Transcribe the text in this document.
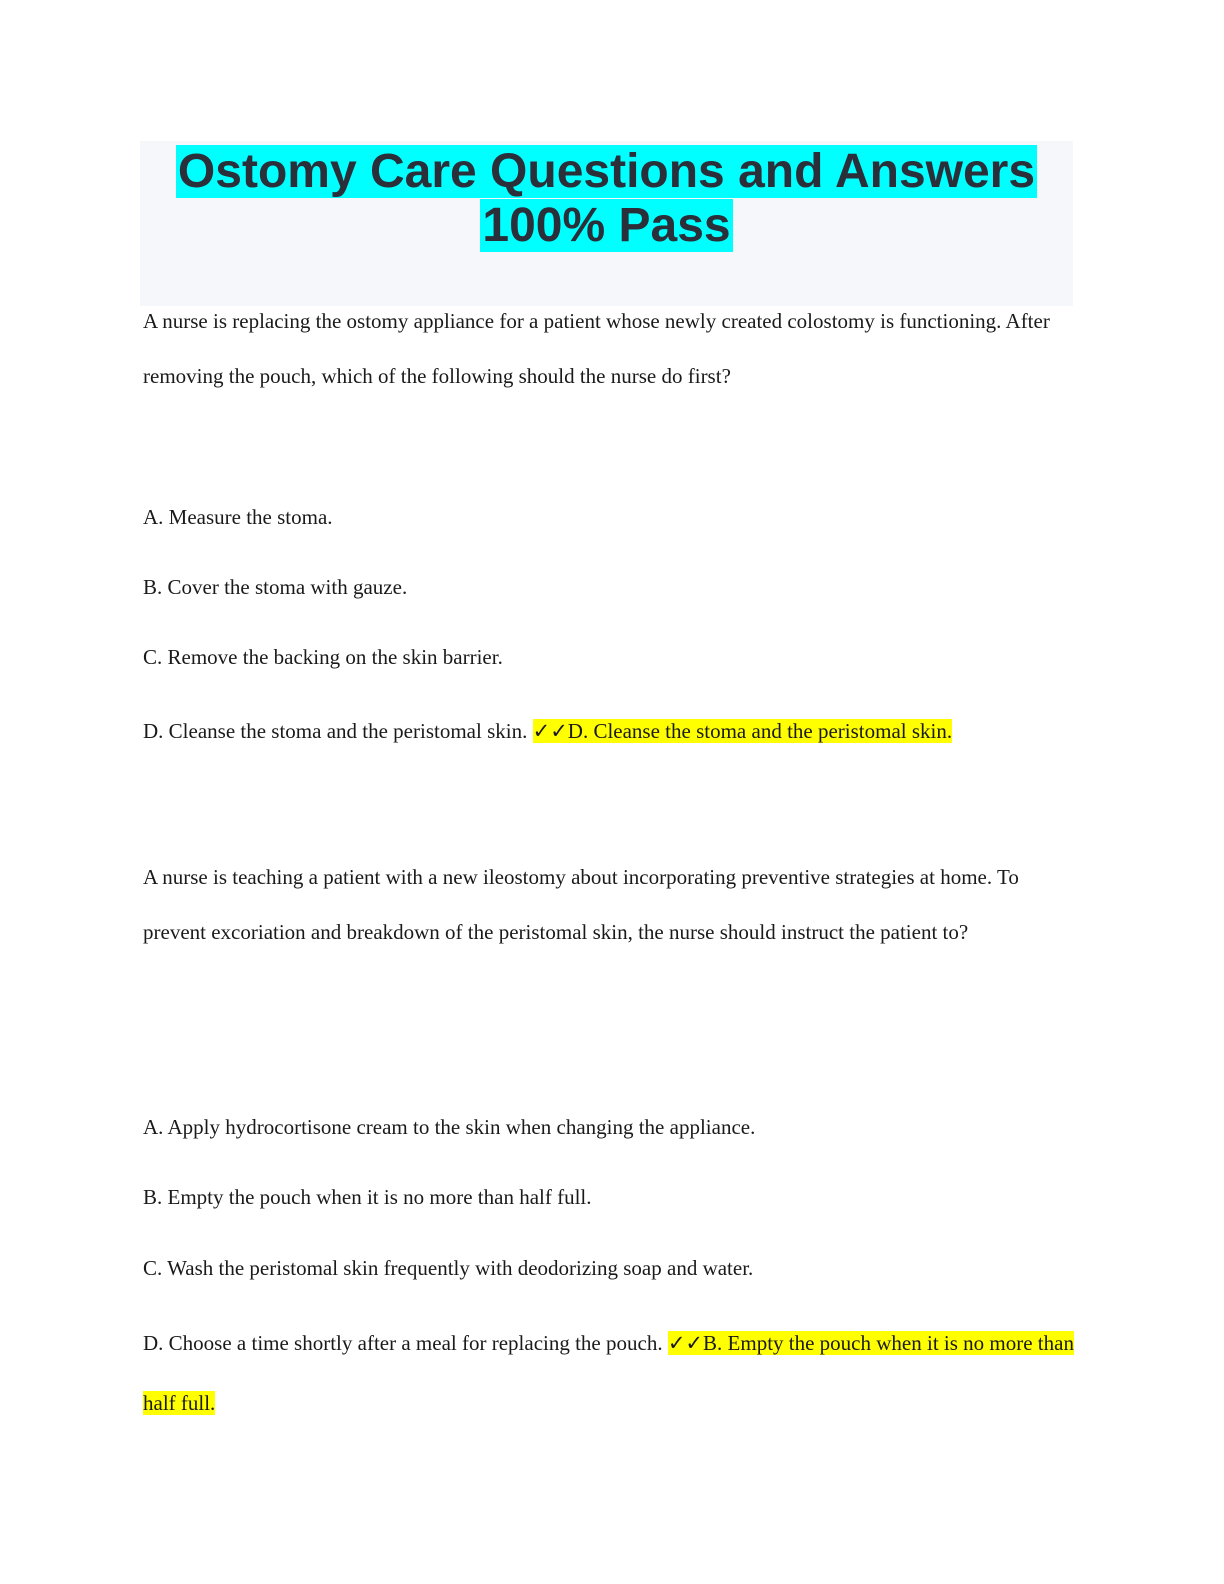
Ostomy Care Questions and Answers
100% Pass

A nurse is replacing the ostomy appliance for a patient whose newly created colostomy is functioning. After removing the pouch, which of the following should the nurse do first?

A. Measure the stoma.

B. Cover the stoma with gauze.

C. Remove the backing on the skin barrier.

D. Cleanse the stoma and the peristomal skin. ✓✓D. Cleanse the stoma and the peristomal skin.

A nurse is teaching a patient with a new ileostomy about incorporating preventive strategies at home. To prevent excoriation and breakdown of the peristomal skin, the nurse should instruct the patient to?

A. Apply hydrocortisone cream to the skin when changing the appliance.

B. Empty the pouch when it is no more than half full.

C. Wash the peristomal skin frequently with deodorizing soap and water.

D. Choose a time shortly after a meal for replacing the pouch. ✓✓B. Empty the pouch when it is no more than half full.
